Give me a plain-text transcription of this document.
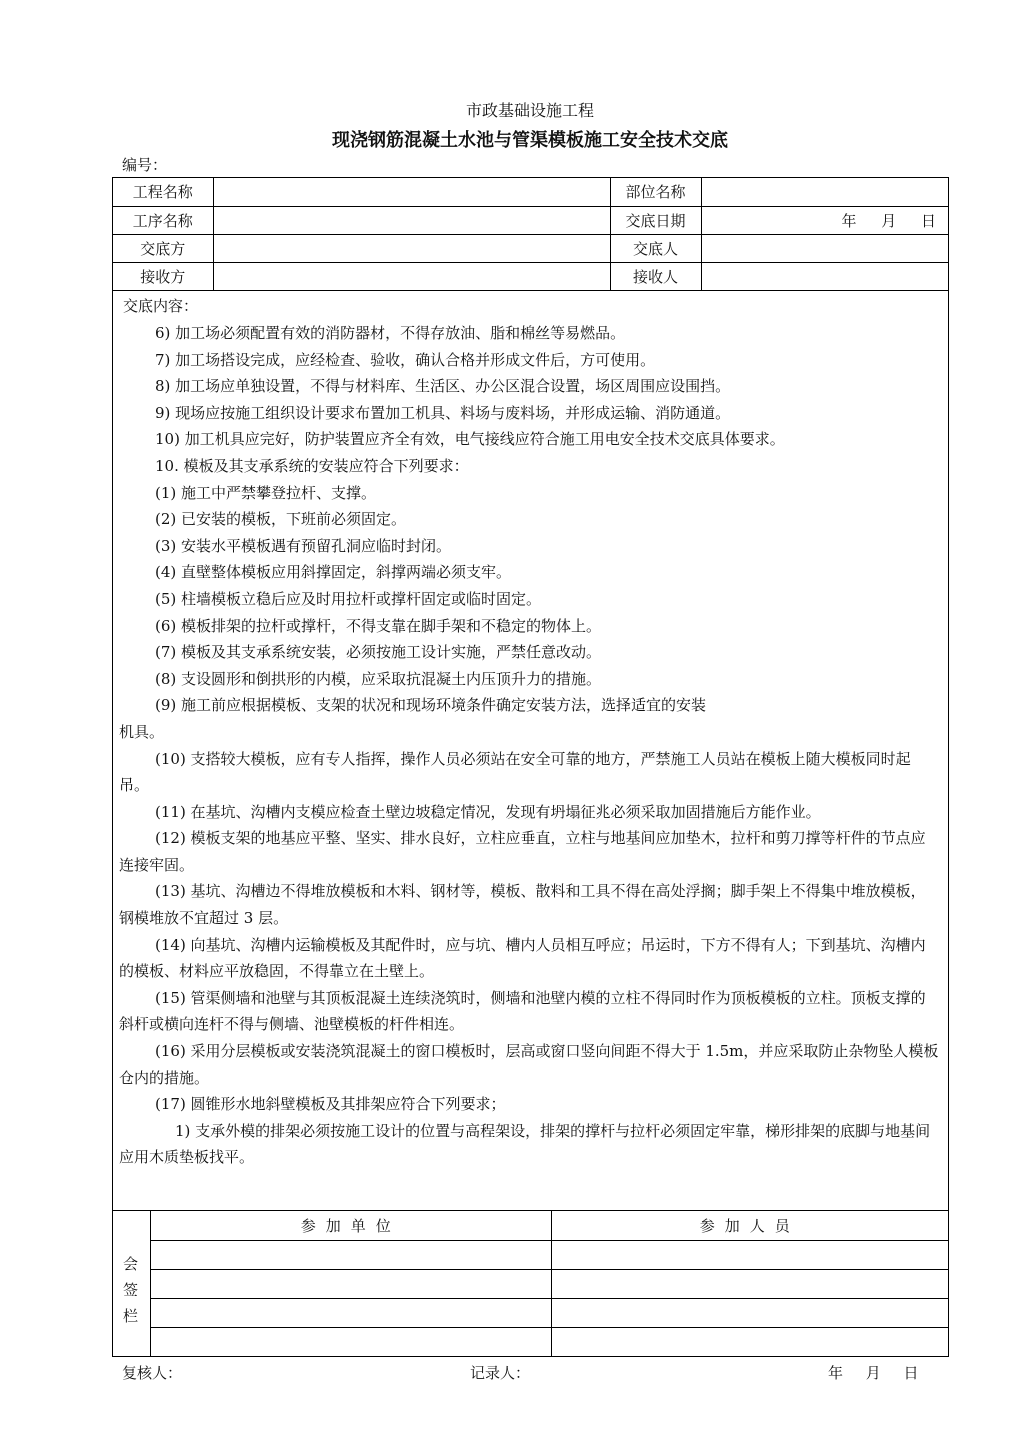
市政基础设施工程
现浇钢筋混凝土水池与管渠模板施工安全技术交底
编号：
工程名称		部位名称	
工序名称		交底日期	年 月 日
交底方		交底人	
接收方		接收人	
交底内容：

6) 加工场必须配置有效的消防器材，不得存放油、脂和棉丝等易燃品。

7) 加工场搭设完成，应经检查、验收，确认合格并形成文件后，方可使用。

8) 加工场应单独设置，不得与材料库、生活区、办公区混合设置，场区周围应设围挡。

9) 现场应按施工组织设计要求布置加工机具、料场与废料场，并形成运输、消防通道。

10) 加工机具应完好，防护装置应齐全有效，电气接线应符合施工用电安全技术交底具体要求。

10. 模板及其支承系统的安装应符合下列要求：

(1) 施工中严禁攀登拉杆、支撑。

(2) 已安装的模板，下班前必须固定。

(3) 安装水平模板遇有预留孔洞应临时封闭。

(4) 直壁整体模板应用斜撑固定，斜撑两端必须支牢。

(5) 柱墙模板立稳后应及时用拉杆或撑杆固定或临时固定。

(6) 模板排架的拉杆或撑杆，不得支靠在脚手架和不稳定的物体上。

(7) 模板及其支承系统安装，必须按施工设计实施，严禁任意改动。

(8) 支设圆形和倒拱形的内模，应采取抗混凝土内压顶升力的措施。

(9) 施工前应根据模板、支架的状况和现场环境条件确定安装方法，选择适宜的安装

机具。

(10) 支搭较大模板，应有专人指挥，操作人员必须站在安全可靠的地方，严禁施工人员站在模板上随大模板同时起吊。

(11) 在基坑、沟槽内支模应检查土壁边坡稳定情况，发现有坍塌征兆必须采取加固措施后方能作业。

(12) 模板支架的地基应平整、坚实、排水良好，立柱应垂直，立柱与地基间应加垫木，拉杆和剪刀撑等杆件的节点应连接牢固。

(13) 基坑、沟槽边不得堆放模板和木料、钢材等，模板、散料和工具不得在高处浮搁；脚手架上不得集中堆放模板，钢模堆放不宜超过 3 层。

(14) 向基坑、沟槽内运输模板及其配件时，应与坑、槽内人员相互呼应；吊运时，下方不得有人；下到基坑、沟槽内的模板、材料应平放稳固，不得靠立在土壁上。

(15) 管渠侧墙和池壁与其顶板混凝土连续浇筑时，侧墙和池壁内模的立柱不得同时作为顶板模板的立柱。顶板支撑的斜杆或横向连杆不得与侧墙、池壁模板的杆件相连。

(16) 采用分层模板或安装浇筑混凝土的窗口模板时，层高或窗口竖向间距不得大于 1.5m，并应采取防止杂物坠人模板仓内的措施。

(17) 圆锥形水地斜壁模板及其排架应符合下列要求；

1) 支承外模的排架必须按施工设计的位置与高程架设，排架的撑杆与拉杆必须固定牢靠，梯形排架的底脚与地基间应用木质垫板找平。

会
签
栏
参加单位	参加人员

复核人：	记录人：	年 月 日
